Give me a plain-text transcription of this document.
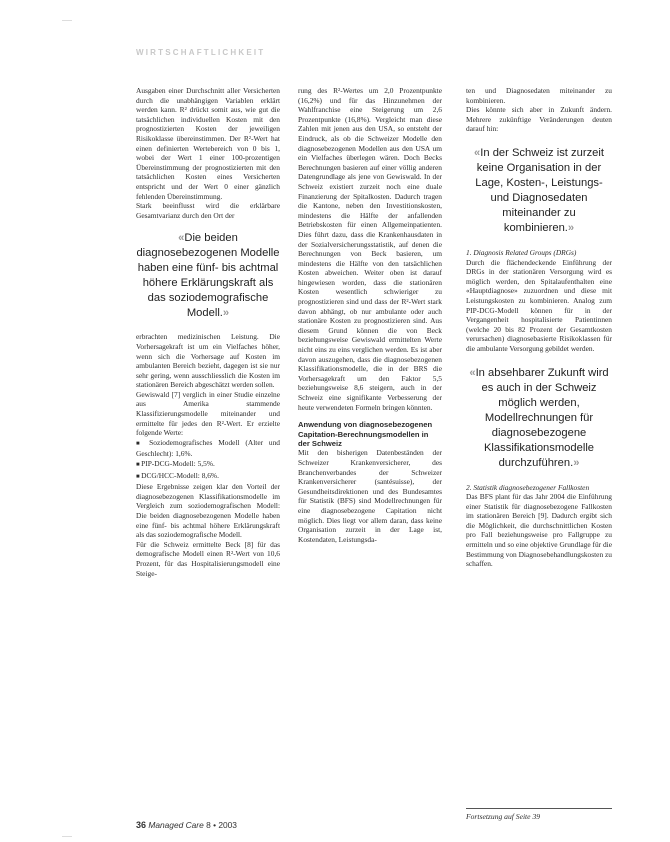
WIRTSCHAFTLICHKEIT

Ausgaben einer Durchschnitt aller Versicherten durch die unabhängigen Variablen erklärt werden kann. R² drückt somit aus, wie gut die tatsächlichen individuellen Kosten mit den prognostizierten Kosten der jeweiligen Risikoklasse übereinstimmen. Der R²-Wert hat einen definierten Wertebereich von 0 bis 1, wobei der Wert 1 einer 100-prozentigen Übereinstimmung der prognostizierten mit den tatsächlichen Kosten eines Versicherten entspricht und der Wert 0 einer gänzlich fehlenden Übereinstimmung.

Stark beeinflusst wird die erklärbare Gesamtvarianz durch den Ort der

«Die beiden diagnosebezogenen Modelle haben eine fünf- bis achtmal höhere Erklärungskraft als das soziodemografische Modell.»

erbrachten medizinischen Leistung. Die Vorhersagekraft ist um ein Vielfaches höher, wenn sich die Vorhersage auf Kosten im ambulanten Bereich bezieht, dagegen ist sie nur sehr gering, wenn ausschliesslich die Kosten im stationären Bereich abgeschätzt werden sollen.

Gewiswald [7] verglich in einer Studie einzelne aus Amerika stammende Klassifizierungsmodelle miteinander und ermittelte für jedes den R²-Wert. Er erzielte folgende Werte:

■ Soziodemografisches Modell (Alter und Geschlecht): 1,6%.
■ PIP-DCG-Modell: 5,5%.
■ DCG/HCC-Modell: 8,6%.

Diese Ergebnisse zeigen klar den Vorteil der diagnosebezogenen Klassifikationsmodelle im Vergleich zum soziodemografischen Modell: Die beiden diagnosebezogenen Modelle haben eine fünf- bis achtmal höhere Erklärungskraft als das soziodemografische Modell.

Für die Schweiz ermittelte Beck [8] für das demografische Modell einen R²-Wert von 10,6 Prozent, für das Hospitalisierungsmodell eine Steige-

rung des R²-Wertes um 2,0 Prozentpunkte (16,2%) und für das Hinzunehmen der Wahlfranchise eine Steigerung um 2,6 Prozentpunkte (16,8%). Vergleicht man diese Zahlen mit jenen aus den USA, so entsteht der Eindruck, als ob die Schweizer Modelle den diagnosebezogenen Modellen aus den USA um ein Vielfaches überlegen wären. Doch Becks Berechnungen basieren auf einer völlig anderen Datengrundlage als jene von Gewiswald. In der Schweiz existiert zurzeit noch eine duale Finanzierung der Spitalkosten. Dadurch tragen die Kantone, neben den Investitionskosten, mindestens die Hälfte der anfallenden Betriebskosten für einen Allgemeinpatienten. Dies führt dazu, dass die Krankenhausdaten in der Sozialversicherungsstatistik, auf denen die Berechnungen von Beck basieren, um mindestens die Hälfte von den tatsächlichen Kosten abweichen. Weiter oben ist darauf hingewiesen worden, dass die stationären Kosten wesentlich schwieriger zu prognostizieren sind und dass der R²-Wert stark davon abhängt, ob nur ambulante oder auch stationäre Kosten zu prognostizieren sind. Aus diesem Grund können die von Beck beziehungsweise Gewiswald ermittelten Werte nicht eins zu eins verglichen werden. Es ist aber davon auszugehen, dass die diagnosebezogenen Klassifikationsmodelle, die in der BRS die Vorhersagekraft um den Faktor 5,5 beziehungsweise 8,6 steigern, auch in der Schweiz eine signifikante Verbesserung der heute verwendeten Formeln bringen könnten.

Anwendung von diagnosebezogenen Capitation-Berechnungsmodellen in der Schweiz

Mit den bisherigen Datenbeständen der Schweizer Krankenversicherer, des Branchenverbandes der Schweizer Krankenversicherer (santésuisse), der Gesundheitsdirektionen und des Bundesamtes für Statistik (BFS) sind Modellrechnungen für eine diagnosebezogene Capitation nicht möglich. Dies liegt vor allem daran, dass keine Organisation zurzeit in der Lage ist, Kostendaten, Leistungsda-

ten und Diagnosedaten miteinander zu kombinieren.

Dies könnte sich aber in Zukunft ändern. Mehrere zukünftige Veränderungen deuten darauf hin:

«In der Schweiz ist zurzeit keine Organisation in der Lage, Kosten-, Leistungs- und Diagnosedaten miteinander zu kombinieren.»

1. Diagnosis Related Groups (DRGs)

Durch die flächendeckende Einführung der DRGs in der stationären Versorgung wird es möglich werden, den Spitalaufenthalten eine «Hauptdiagnose» zuzuordnen und diese mit Leistungskosten zu kombinieren. Analog zum PIP-DCG-Modell können für in der Vergangenheit hospitalisierte Patientinnen (welche 20 bis 82 Prozent der Gesamtkosten verursachen) diagnosebasierte Risikoklassen für die ambulante Versorgung gebildet werden.

«In absehbarer Zukunft wird es auch in der Schweiz möglich werden, Modellrechnungen für diagnosebezogene Klassifikationsmodelle durchzuführen.»

2. Statistik diagnosebezogener Fallkosten

Das BFS plant für das Jahr 2004 die Einführung einer Statistik für diagnosebezogene Fallkosten im stationären Bereich [9]. Dadurch ergibt sich die Möglichkeit, die durchschnittlichen Kosten pro Fall beziehungsweise pro Fallgruppe zu ermitteln und so eine objektive Grundlage für die Bestimmung von Diagnosebehandlungskosten zu schaffen.

Fortsetzung auf Seite 39
36 Managed Care 8 • 2003
